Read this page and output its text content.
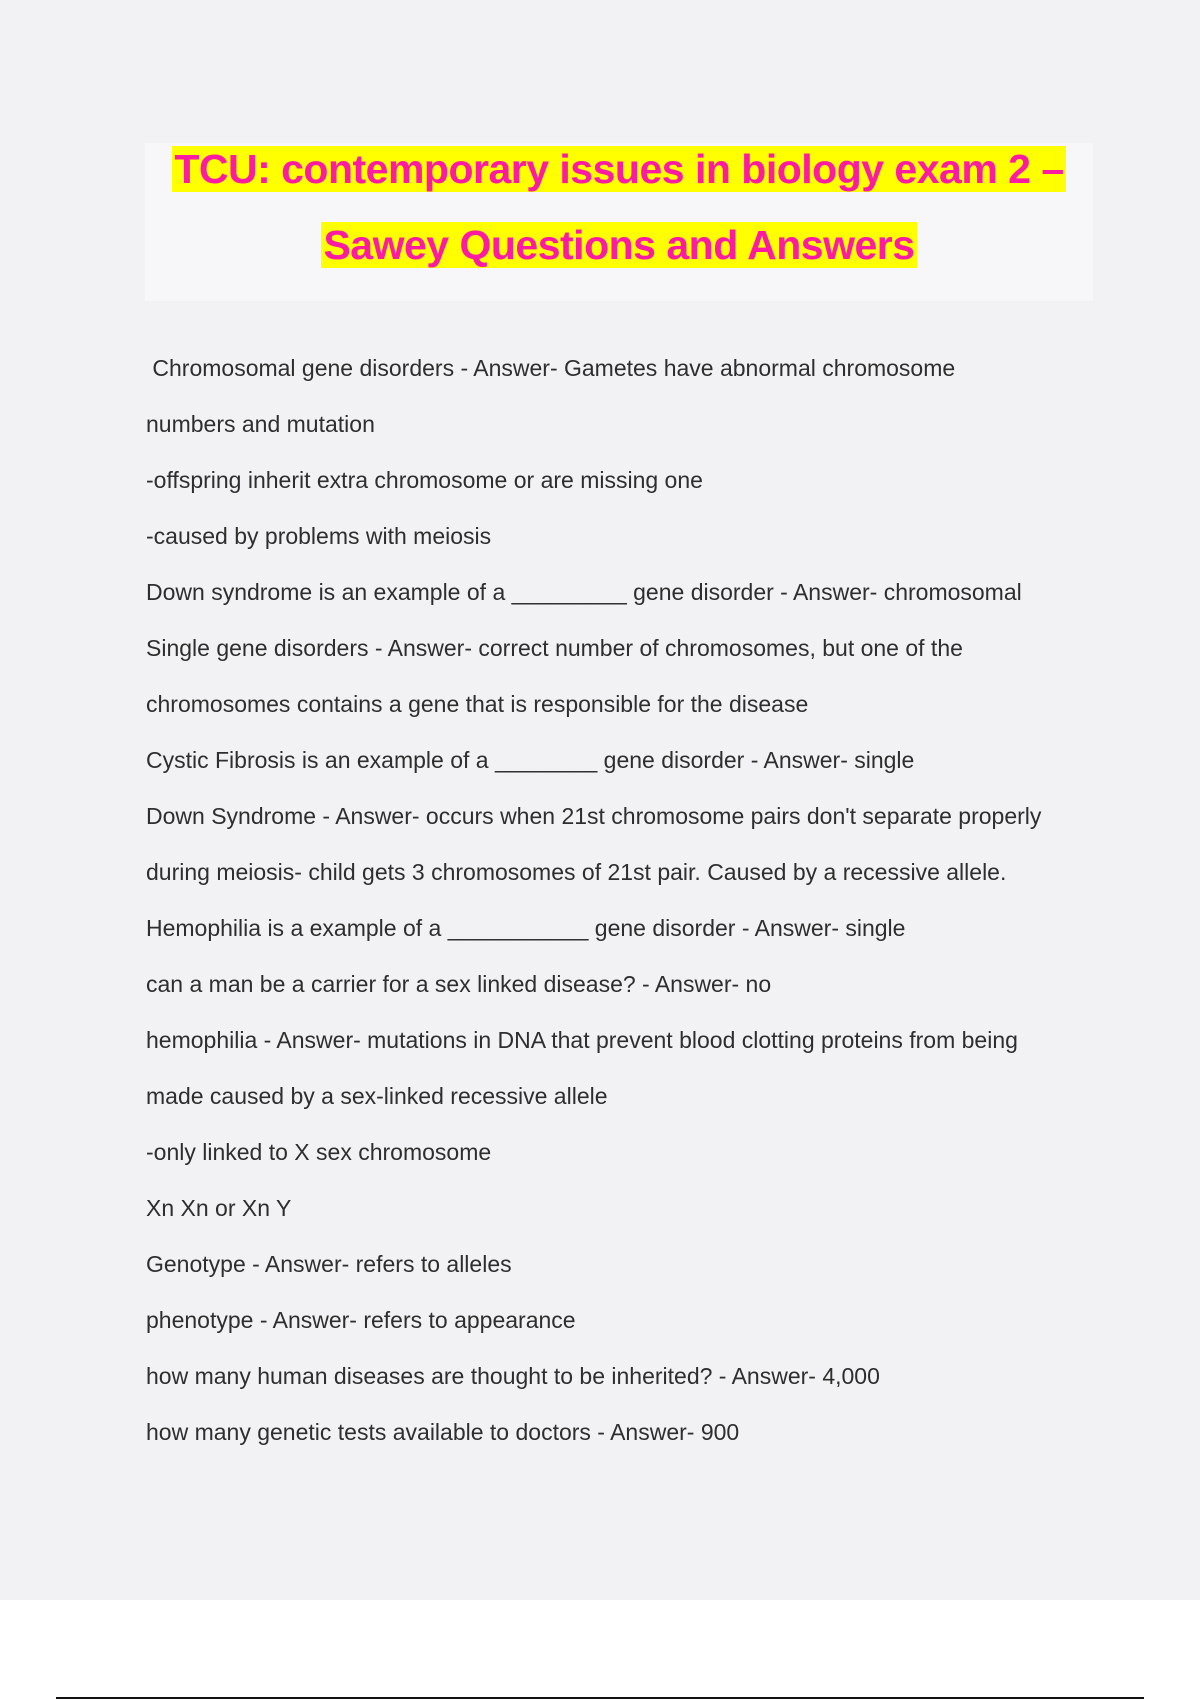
TCU: contemporary issues in biology exam 2 –
Sawey Questions and Answers
Chromosomal gene disorders - Answer- Gametes have abnormal chromosome
numbers and mutation
-offspring inherit extra chromosome or are missing one
-caused by problems with meiosis
Down syndrome is an example of a _________ gene disorder - Answer- chromosomal
Single gene disorders - Answer- correct number of chromosomes, but one of the
chromosomes contains a gene that is responsible for the disease
Cystic Fibrosis is an example of a ________ gene disorder - Answer- single
Down Syndrome - Answer- occurs when 21st chromosome pairs don't separate properly
during meiosis- child gets 3 chromosomes of 21st pair. Caused by a recessive allele.
Hemophilia is a example of a ___________ gene disorder - Answer- single
can a man be a carrier for a sex linked disease? - Answer- no
hemophilia - Answer- mutations in DNA that prevent blood clotting proteins from being
made caused by a sex-linked recessive allele
-only linked to X sex chromosome
Xn Xn or Xn Y
Genotype - Answer- refers to alleles
phenotype - Answer- refers to appearance
how many human diseases are thought to be inherited? - Answer- 4,000
how many genetic tests available to doctors - Answer- 900
